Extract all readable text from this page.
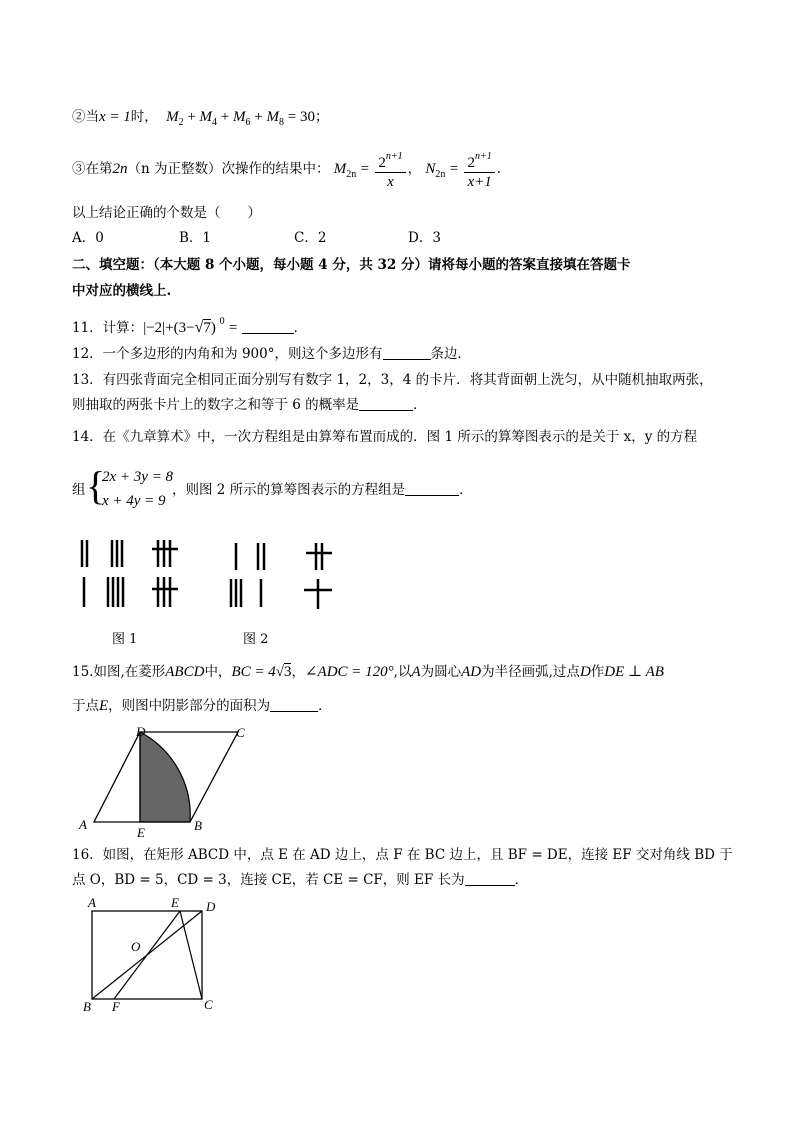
②当x = 1时， $M_2 + M_4 + M_6 + M_8 = 30$；
③在第2n（n 为正整数）次操作的结果中： $M_{2n} = \frac{2^{n+1}}{x}$ ， $N_{2n} = \frac{2^{n+1}}{x+1}$ ．
以上结论正确的个数是（　　）
A．0	B．1	C．2	D．3
二、填空题：（本大题 8 个小题，每小题 4 分，共 32 分）请将每小题的答案直接填在答题卡
中对应的横线上.
11．计算：|−2|+(3−√7) $^0$ =	．
12．一个多边形的内角和为 900°，则这个多边形有	条边．
13．有四张背面完全相同正面分别写有数字 1，2，3，4 的卡片．将其背面朝上洗匀，从中随机抽取两张，
则抽取的两张卡片上的数字之和等于 6 的概率是	．
14．在《九章算术》中，一次方程组是由算筹布置而成的．图 1 所示的算筹图表示的是关于 x，y 的方程
组 {
2x + 3y = 8
x + 4y = 9
，则图 2 所示的算筹图表示的方程组是	．
图 1	图 2
15.如图,在菱形ABCD中，BC = 4√3，∠ADC = 120°,以A为圆心AD为半径画弧,过点D作DE ⊥ AB
于点E，则图中阴影部分的面积为	．
A	B
C
D
E
16．如图，在矩形 ABCD 中，点 E 在 AD 边上，点 F 在 BC 边上，且 BF = DE，连接 EF 交对角线 BD 于
点 O，BD = 5，CD = 3，连接 CE，若 CE = CF，则 EF 长为	．
A	E D
O
B F	C
